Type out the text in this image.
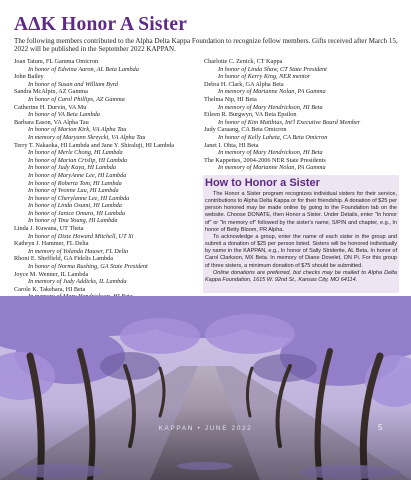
AΔK Honor A Sister
The following members contributed to the Alpha Delta Kappa Foundation to recognize fellow members. Gifts received after March 15, 2022 will be published in the September 2022 KAPPAN.
Joan Tatum, FL Gamma Omicron
In honor of Edwina Aaron, AL Beta Lambda
John Bailey
In honor of Susan and William Byrd
Sandra McAlpin, AZ Gamma
In honor of Carol Phillips, AZ Gamma
Catherine H. Durvin, VA Mu
In honor of VA Beta Lambda
Barbara Eason, VA Alpha Tau
In honor of Marion Kirk, VA Alpha Tau
In memory of Maryann Skrzycki, VA Alpha Tau
Terry T. Nakaoka, HI Lambda and Jane Y. Shiraluji, HI Lambda
In honor of Merle Chong, HI Lambda
In honor of Marian Crislip, HI Lambda
In honor of Judy Kaya, HI Lambda
In honor of MaryAnne Lee, HI Lambda
In honor of Roberta Tom, HI Lambda
In honor of Yvonne Lau, HI Lambda
In honor of Cherylanne Lee, HI Lambda
In honor of Linda Osumi, HI Lambda
In honor of Janice Omura, HI Lambda
In honor of Tina Young, HI Lambda
Linda J. Kuwana, UT Theta
In honor of Dixie Howard Mitchell, UT Xi
Kathryn J. Hammer, FL Delta
In memory of Yolanda Hauser, FL Delta
Rhoni E. Sheffield, GA Fidelis Lambda
In honor of Norma Rushing, GA State President
Joyce M. Wenner, IL Lambda
In memory of Judy Addicks, IL Lambda
Carole K. Takehara, HI Beta
Charlotte C. Zenick, CT Kappa
In honor of Linda Shaw, CT State President
In honor of Kerry King, NER mentor
Debra H. Clark, GA Alpha Beta
In memory of Marianne Nolan, PA Gamma
Thelma Nip, HI Beta
In memory of Mary Hendrickson, HI Beta
Eileen R. Burgwyn, VA Beta Epsilon
In honor of Kim Matthias, Int'l Executive Board Member
Judy Caraang, CA Beta Omicron
In honor of Kelly Laheta, CA Beta Omicron
Janet I. Ohta, HI Beta
In memory of Mary Hendrickson, HI Beta
The Kappettes, 2004-2006 NER State Presidents
In memory of Marianne Nolan, PA Gamma
How to Honor a Sister

The Honor a Sister program recognizes individual sisters for their service, contributions to Alpha Delta Kappa or for their friendship. A donation of $25 per person honored may be made online by going to the Foundation tab on the website. Choose DONATE, then Honor a Sister. Under Details, enter "In honor of" or "In memory of" followed by the sister's name, S/P/N and chapter, e.g., In honor of Betty Bloom, PR Alpha.

To acknowledge a group, enter the name of each sister in the group and submit a donation of $25 per person listed. Sisters will be honored individually by name in the KAPPAN, e.g., In honor of Sally Striderite, AL Beta. In honor of Carol Clarkson, MX Beta. In memory of Diane Dovelet, ON Pi. For this group of three sisters, a minimum donation of $75 should be submitted.

Online donations are preferred, but checks may be mailed to Alpha Delta Kappa Foundation, 1615 W. 92nd St., Kansas City, MO 64114.

KAPPAN • JUNE 2022	5
